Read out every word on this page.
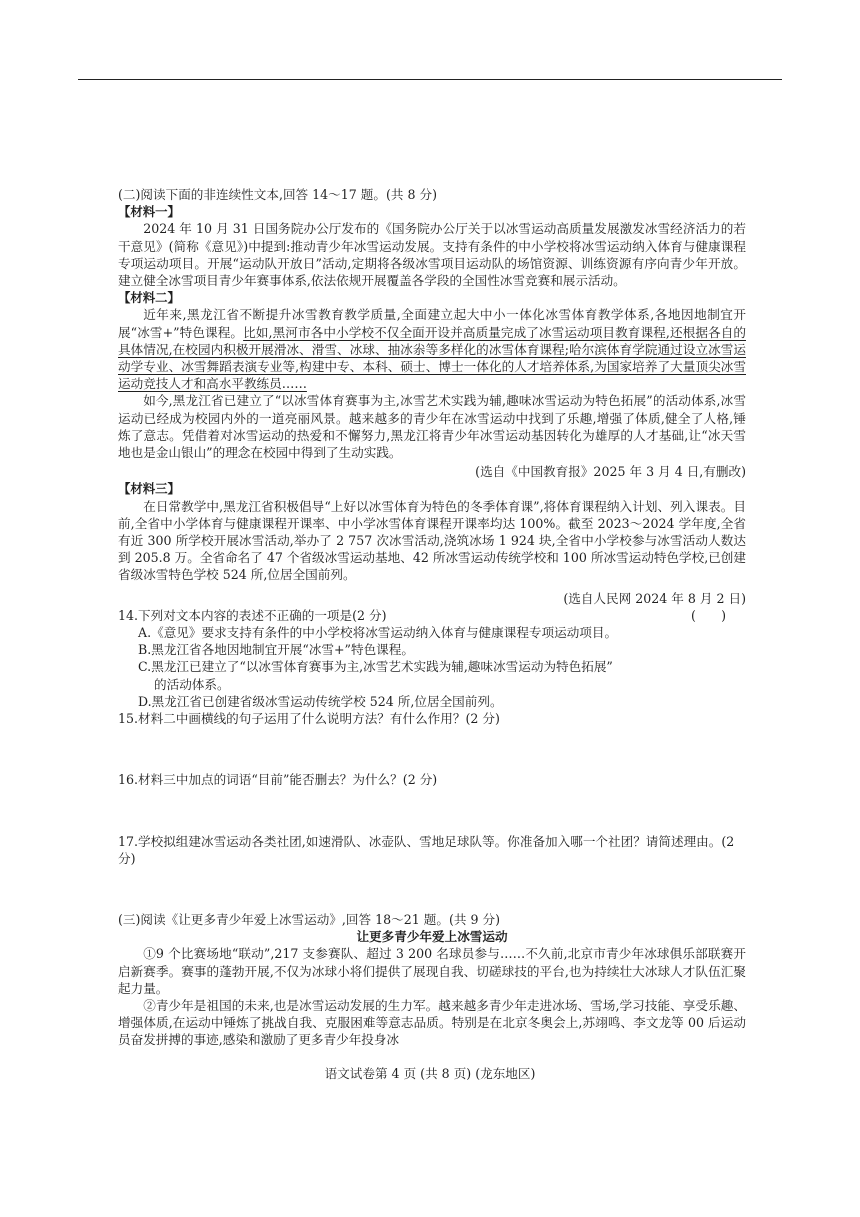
(二)阅读下面的非连续性文本,回答 14～17 题。(共 8 分)

【材料一】

2024 年 10 月 31 日国务院办公厅发布的《国务院办公厅关于以冰雪运动高质量发展激发冰雪经济活力的若干意见》(简称《意见》)中提到:推动青少年冰雪运动发展。支持有条件的中小学校将冰雪运动纳入体育与健康课程专项运动项目。开展“运动队开放日”活动,定期将各级冰雪项目运动队的场馆资源、训练资源有序向青少年开放。建立健全冰雪项目青少年赛事体系,依法依规开展覆盖各学段的全国性冰雪竞赛和展示活动。

【材料二】

近年来,黑龙江省不断提升冰雪教育教学质量,全面建立起大中小一体化冰雪体育教学体系,各地因地制宜开展“冰雪+”特色课程。比如,黑河市各中小学校不仅全面开设并高质量完成了冰雪运动项目教育课程,还根据各自的具体情况,在校园内积极开展滑冰、滑雪、冰球、抽冰尜等多样化的冰雪体育课程;哈尔滨体育学院通过设立冰雪运动学专业、冰雪舞蹈表演专业等,构建中专、本科、硕士、博士一体化的人才培养体系,为国家培养了大量顶尖冰雪运动竞技人才和高水平教练员……

如今,黑龙江省已建立了“以冰雪体育赛事为主,冰雪艺术实践为辅,趣味冰雪运动为特色拓展”的活动体系,冰雪运动已经成为校园内外的一道亮丽风景。越来越多的青少年在冰雪运动中找到了乐趣,增强了体质,健全了人格,锤炼了意志。凭借着对冰雪运动的热爱和不懈努力,黑龙江将青少年冰雪运动基因转化为雄厚的人才基础,让“冰天雪地也是金山银山”的理念在校园中得到了生动实践。

(选自《中国教育报》2025 年 3 月 4 日,有删改)

【材料三】

在日常教学中,黑龙江省积极倡导“上好以冰雪体育为特色的冬季体育课”,将体育课程纳入计划、列入课表。目前,全省中小学体育与健康课程开课率、中小学冰雪体育课程开课率均达 100%。截至 2023～2024 学年度,全省有近 300 所学校开展冰雪活动,举办了 2 757 次冰雪活动,浇筑冰场 1 924 块,全省中小学校参与冰雪活动人数达到 205.8 万。全省命名了 47 个省级冰雪运动基地、42 所冰雪运动传统学校和 100 所冰雪运动特色学校,已创建省级冰雪特色学校 524 所,位居全国前列。

(选自人民网 2024 年 8 月 2 日)

14.下列对文本内容的表述不正确的一项是(2 分)	(　　)

A.《意见》要求支持有条件的中小学校将冰雪运动纳入体育与健康课程专项运动项目。

B.黑龙江省各地因地制宜开展“冰雪+”特色课程。

C.黑龙江已建立了“以冰雪体育赛事为主,冰雪艺术实践为辅,趣味冰雪运动为特色拓展”

的活动体系。

D.黑龙江省已创建省级冰雪运动传统学校 524 所,位居全国前列。

15.材料二中画横线的句子运用了什么说明方法？有什么作用？(2 分)

16.材料三中加点的词语“目前”能否删去？为什么？(2 分)

17.学校拟组建冰雪运动各类社团,如速滑队、冰壶队、雪地足球队等。你准备加入哪一个社团？请简述理由。(2 分)

(三)阅读《让更多青少年爱上冰雪运动》,回答 18～21 题。(共 9 分)

让更多青少年爱上冰雪运动

①9 个比赛场地“联动”,217 支参赛队、超过 3 200 名球员参与……不久前,北京市青少年冰球俱乐部联赛开启新赛季。赛事的蓬勃开展,不仅为冰球小将们提供了展现自我、切磋球技的平台,也为持续壮大冰球人才队伍汇聚起力量。

②青少年是祖国的未来,也是冰雪运动发展的生力军。越来越多青少年走进冰场、雪场,学习技能、享受乐趣、增强体质,在运动中锤炼了挑战自我、克服困难等意志品质。特别是在北京冬奥会上,苏翊鸣、李文龙等 00 后运动员奋发拼搏的事迹,感染和激励了更多青少年投身冰

语文试卷第 4 页 (共 8 页) (龙东地区)
